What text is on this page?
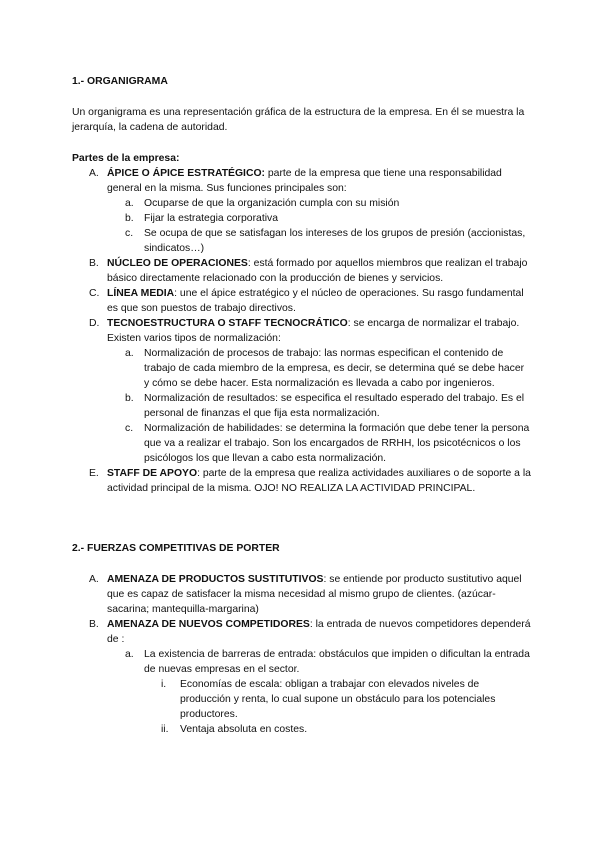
1.- ORGANIGRAMA

Un organigrama es una representación gráfica de la estructura de la empresa. En él se muestra la jerarquía, la cadena de autoridad.

Partes de la empresa:

A. ÁPICE O ÁPICE ESTRATÉGICO: parte de la empresa que tiene una responsabilidad general en la misma. Sus funciones principales son:
a. Ocuparse de que la organización cumpla con su misión
b. Fijar la estrategia corporativa
c. Se ocupa de que se satisfagan los intereses de los grupos de presión (accionistas, sindicatos…)
B. NÚCLEO DE OPERACIONES: está formado por aquellos miembros que realizan el trabajo básico directamente relacionado con la producción de bienes y servicios.
C. LÍNEA MEDIA: une el ápice estratégico y el núcleo de operaciones. Su rasgo fundamental es que son puestos de trabajo directivos.
D. TECNOESTRUCTURA O STAFF TECNOCRÁTICO: se encarga de normalizar el trabajo. Existen varios tipos de normalización:
a. Normalización de procesos de trabajo: las normas especifican el contenido de trabajo de cada miembro de la empresa, es decir, se determina qué se debe hacer y cómo se debe hacer. Esta normalización es llevada a cabo por ingenieros.
b. Normalización de resultados: se especifica el resultado esperado del trabajo. Es el personal de finanzas el que fija esta normalización.
c. Normalización de habilidades: se determina la formación que debe tener la persona que va a realizar el trabajo. Son los encargados de RRHH, los psicotécnicos o los psicólogos los que llevan a cabo esta normalización.
E. STAFF DE APOYO: parte de la empresa que realiza actividades auxiliares o de soporte a la actividad principal de la misma. OJO! NO REALIZA LA ACTIVIDAD PRINCIPAL.

2.- FUERZAS COMPETITIVAS DE PORTER

A. AMENAZA DE PRODUCTOS SUSTITUTIVOS: se entiende por producto sustitutivo aquel que es capaz de satisfacer la misma necesidad al mismo grupo de clientes. (azúcar-sacarina; mantequilla-margarina)
B. AMENAZA DE NUEVOS COMPETIDORES: la entrada de nuevos competidores dependerá de :
a. La existencia de barreras de entrada: obstáculos que impiden o dificultan la entrada de nuevas empresas en el sector.
i. Economías de escala: obligan a trabajar con elevados niveles de producción y renta, lo cual supone un obstáculo para los potenciales productores.
ii. Ventaja absoluta en costes.
